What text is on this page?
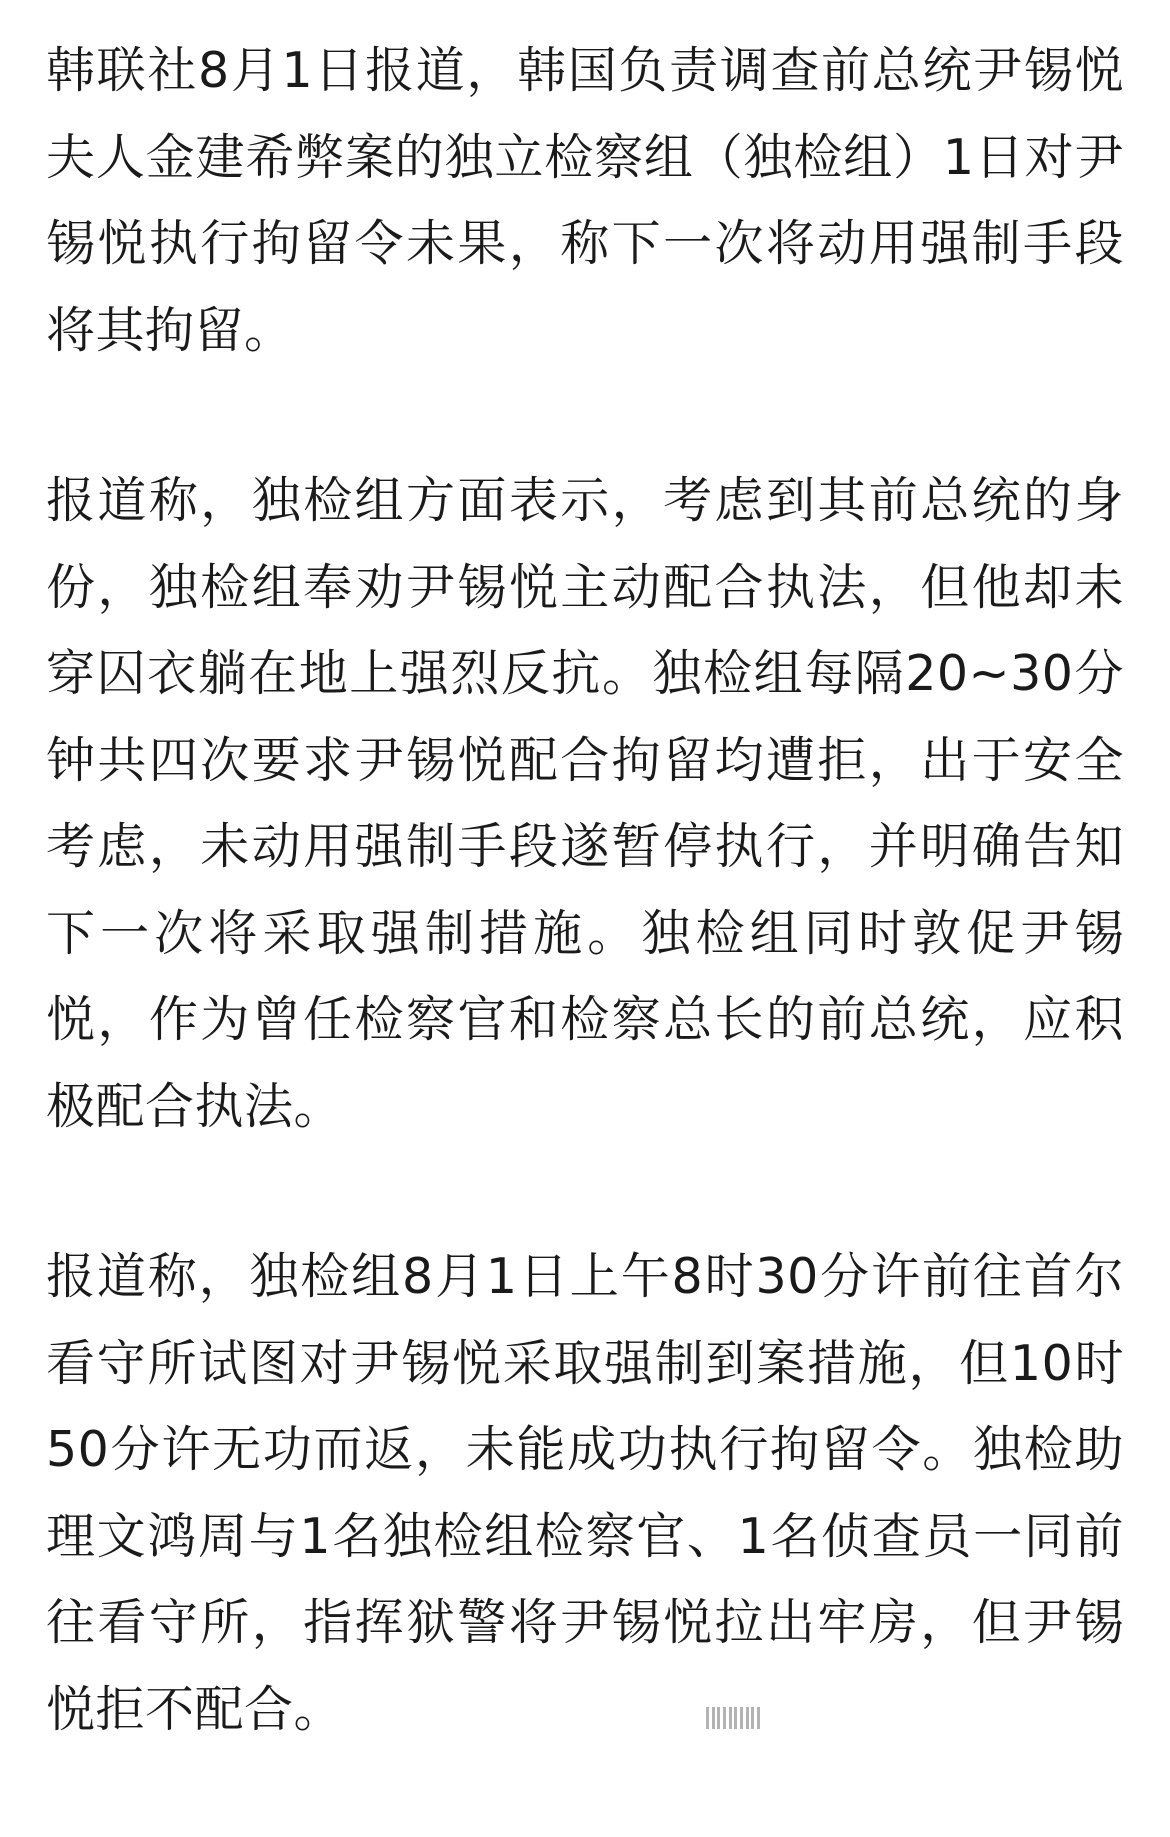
韩联社8月1日报道，韩国负责调查前总统尹锡悦夫人金建希弊案的独立检察组（独检组）1日对尹锡悦执行拘留令未果，称下一次将动用强制手段将其拘留。

报道称，独检组方面表示，考虑到其前总统的身份，独检组奉劝尹锡悦主动配合执法，但他却未穿囚衣躺在地上强烈反抗。独检组每隔20~30分钟共四次要求尹锡悦配合拘留均遭拒，出于安全考虑，未动用强制手段遂暂停执行，并明确告知下一次将采取强制措施。独检组同时敦促尹锡悦，作为曾任检察官和检察总长的前总统，应积极配合执法。

报道称，独检组8月1日上午8时30分许前往首尔看守所试图对尹锡悦采取强制到案措施，但10时50分许无功而返，未能成功执行拘留令。独检助理文鸿周与1名独检组检察官、1名侦查员一同前往看守所，指挥狱警将尹锡悦拉出牢房，但尹锡悦拒不配合。
